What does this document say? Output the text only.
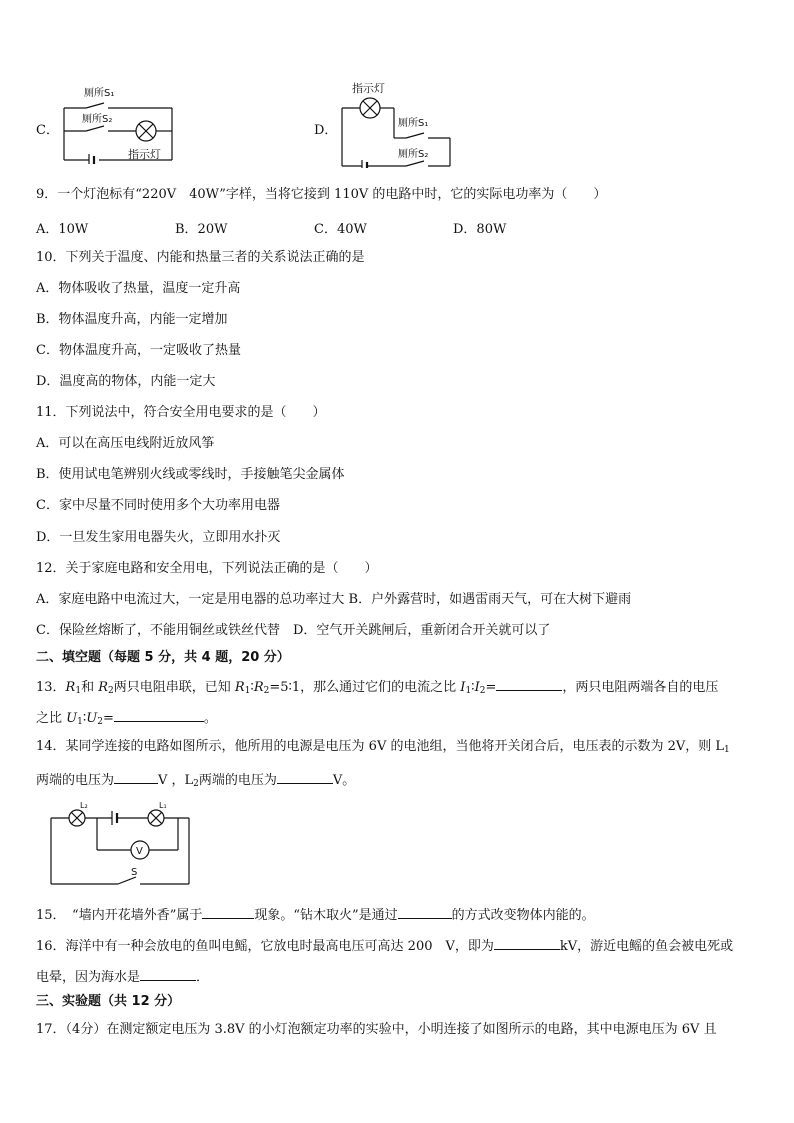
C．
厕所S₁
厕所S₂
指示灯
D．
指示灯
厕所S₁
厕所S₂
9．一个灯泡标有“220V　40W”字样，当将它接到 110V 的电路中时，它的实际电功率为（　　）
A．10W	B．20W	C．40W	D．80W
10．下列关于温度、内能和热量三者的关系说法正确的是
A．物体吸收了热量，温度一定升高
B．物体温度升高，内能一定增加
C．物体温度升高，一定吸收了热量
D．温度高的物体，内能一定大
11．下列说法中，符合安全用电要求的是（　　）
A．可以在高压电线附近放风筝
B．使用试电笔辨别火线或零线时，手接触笔尖金属体
C．家中尽量不同时使用多个大功率用电器
D．一旦发生家用电器失火，立即用水扑灭
12．关于家庭电路和安全用电，下列说法正确的是（　　）
A．家庭电路中电流过大，一定是用电器的总功率过大 B．户外露营时，如遇雷雨天气，可在大树下避雨
C．保险丝熔断了，不能用铜丝或铁丝代替　D．空气开关跳闸后，重新闭合开关就可以了
二、填空题（每题 5 分，共 4 题，20 分）
13．$R_1$和 $R_2$两只电阻串联，已知 $R_1∶R_2=5∶1$，那么通过它们的电流之比 $I_1∶I_2=$	，两只电阻两端各自的电压
之比 $U_1∶U_2=$	。
14．某同学连接的电路如图所示，他所用的电源是电压为 6V 的电池组，当他将开关闭合后，电压表的示数为 2V，则 $L_1$
两端的电压为	V ，$L_2$两端的电压为	V。
L₂	L₁
V
S
15．　“墙内开花墙外香”属于	现象。“钻木取火”是通过	的方式改变物体内能的。
16．海洋中有一种会放电的鱼叫电鳐，它放电时最高电压可高达 200　V，即为	kV，游近电鳐的鱼会被电死或
电晕，因为海水是	．
三、实验题（共 12 分）
17．（4分）在测定额定电压为 3.8V 的小灯泡额定功率的实验中，小明连接了如图所示的电路，其中电源电压为 6V 且
